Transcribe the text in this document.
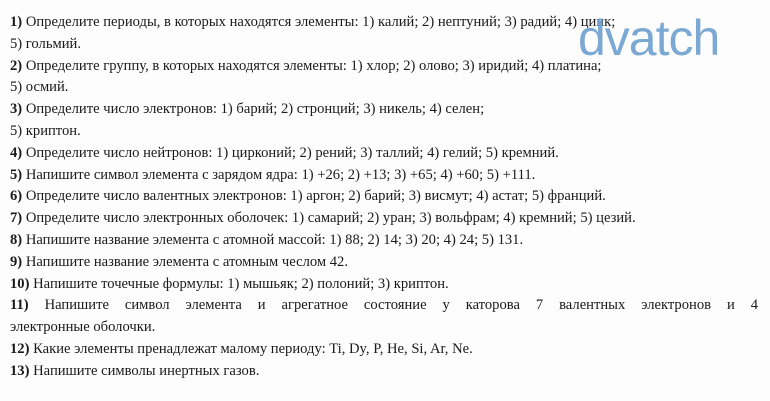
1) Определите периоды, в которых находятся элементы: 1) калий; 2) нептуний; 3) радий; 4) цинк;
5) гольмий.
2) Определите группу, в которых находятся элементы: 1) хлор; 2) олово; 3) иридий; 4) платина;
5) осмий.
3) Определите число электронов: 1) барий; 2) стронций; 3) никель; 4) селен;
5) криптон.
4) Определите число нейтронов: 1) цирконий; 2) рений; 3) таллий; 4) гелий; 5) кремний.
5) Напишите символ элемента с зарядом ядра: 1) +26; 2) +13; 3) +65; 4) +60; 5) +111.
6) Определите число валентных электронов: 1) аргон; 2) барий; 3) висмут; 4) астат; 5) франций.
7) Определите число электронных оболочек: 1) самарий; 2) уран; 3) вольфрам; 4) кремний; 5) цезий.
8) Напишите название элемента с атомной массой: 1) 88; 2) 14; 3) 20; 4) 24; 5) 131.
9) Напишите название элемента с атомным чеслом 42.
10) Напишите точечные формулы: 1) мышьяк; 2) полоний; 3) криптон.
11) Напишите символ элемента и агрегатное состояние у каторова 7 валентных электронов и 4
электронные оболочки.
12) Какие элементы пренадлежат малому периоду: Ti, Dy, P, He, Si, Ar, Ne.
13) Напишите символы инертных газов.
dvatch
